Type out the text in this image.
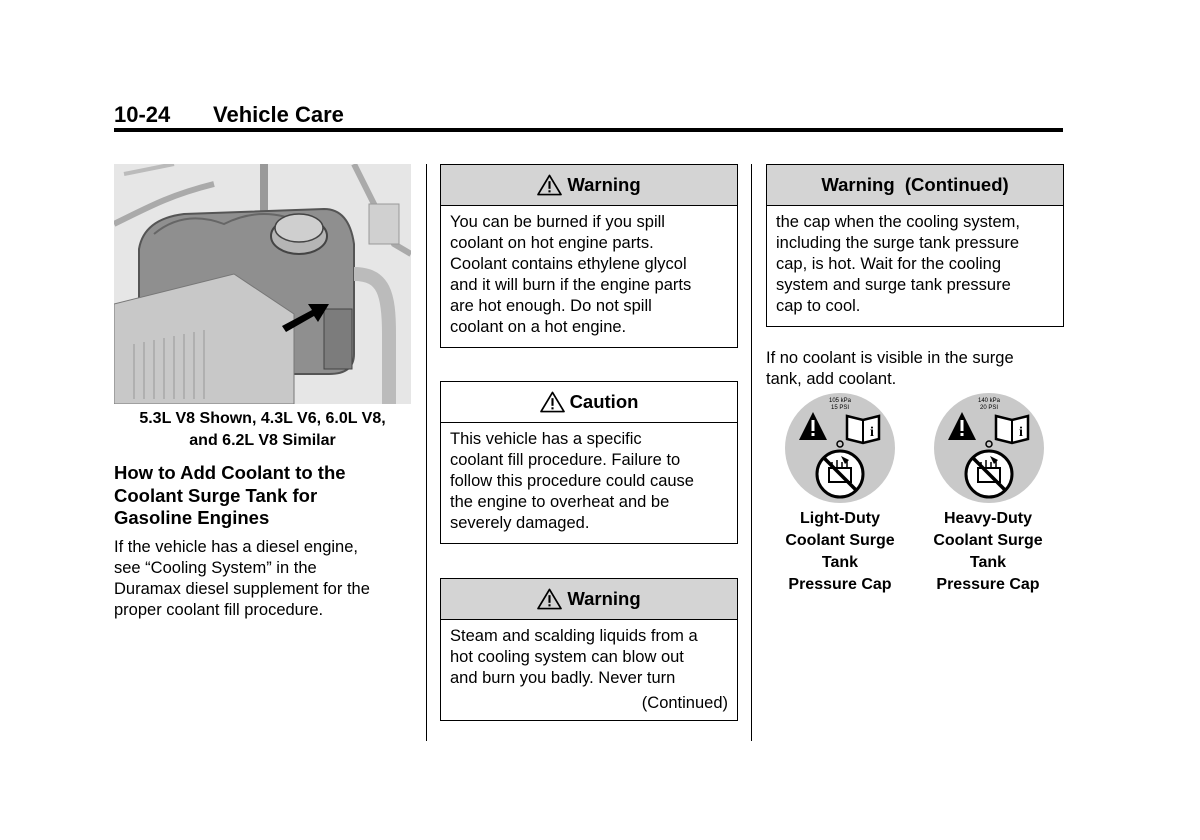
10-24 Vehicle Care
5.3L V8 Shown, 4.3L V6, 6.0L V8,
and 6.2L V8 Similar
How to Add Coolant to the
Coolant Surge Tank for
Gasoline Engines
If the vehicle has a diesel engine,
see “Cooling System” in the
Duramax diesel supplement for the
proper coolant fill procedure.
Warning
You can be burned if you spill
coolant on hot engine parts.
Coolant contains ethylene glycol
and it will burn if the engine parts
are hot enough. Do not spill
coolant on a hot engine.
Caution
This vehicle has a specific
coolant fill procedure. Failure to
follow this procedure could cause
the engine to overheat and be
severely damaged.
Warning
Steam and scalding liquids from a
hot cooling system can blow out
and burn you badly. Never turn
(Continued)
Warning  (Continued)
the cap when the cooling system,
including the surge tank pressure
cap, is hot. Wait for the cooling
system and surge tank pressure
cap to cool.
If no coolant is visible in the surge
tank, add coolant.
i
105 kPa
15 PSI
Light-Duty
Coolant Surge
Tank
Pressure Cap
i
140 kPa
20 PSI
Heavy-Duty
Coolant Surge
Tank
Pressure Cap
